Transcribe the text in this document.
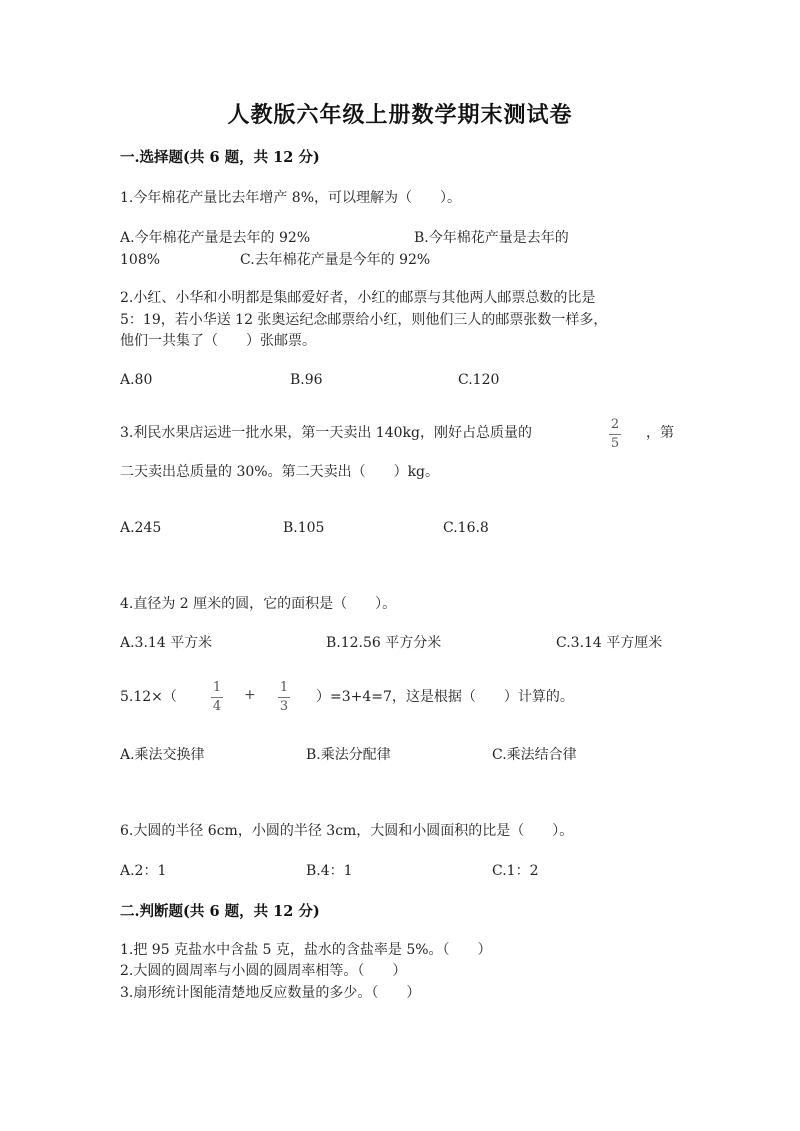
人教版六年级上册数学期末测试卷
一.选择题(共 6 题，共 12 分)
1.今年棉花产量比去年增产 8%，可以理解为（　　）。
A.今年棉花产量是去年的 92%	B.今年棉花产量是去年的
108%	C.去年棉花产量是今年的 92%
2.小红、小华和小明都是集邮爱好者，小红的邮票与其他两人邮票总数的比是
5：19，若小华送 12 张奥运纪念邮票给小红，则他们三人的邮票张数一样多，
他们一共集了（　　）张邮票。
A.80	B.96	C.120
3.利民水果店运进一批水果，第一天卖出 140kg，刚好占总质量的
2
5
，第
二天卖出总质量的 30%。第二天卖出（　　）kg。
A.245	B.105	C.16.8
4.直径为 2 厘米的圆，它的面积是（　　）。
A.3.14 平方米	B.12.56 平方分米	C.3.14 平方厘米
5.12×（
1
4
+ 1
3
）=3+4=7，这是根据（　　）计算的。
A.乘法交换律	B.乘法分配律	C.乘法结合律
6.大圆的半径 6cm，小圆的半径 3cm，大圆和小圆面积的比是（　　）。
A.2：1	B.4：1	C.1：2
二.判断题(共 6 题，共 12 分)
1.把 95 克盐水中含盐 5 克，盐水的含盐率是 5%。（　　）
2.大圆的圆周率与小圆的圆周率相等。（　　）
3.扇形统计图能清楚地反应数量的多少。（　　）
